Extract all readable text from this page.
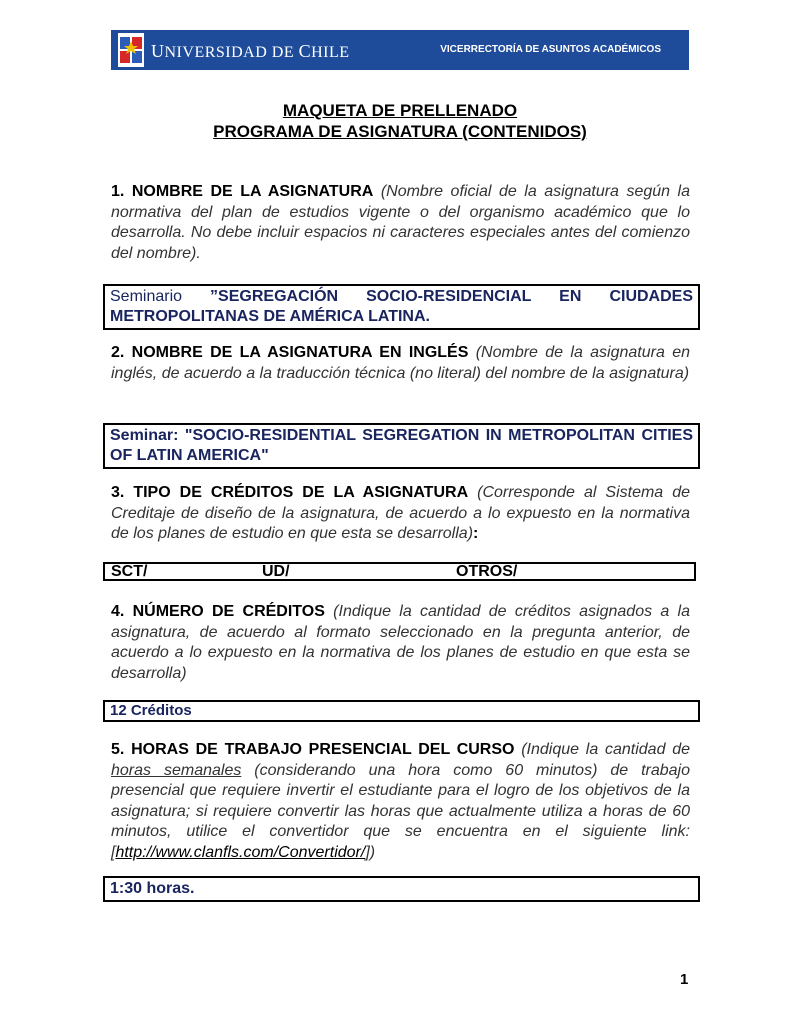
UNIVERSIDAD DE CHILE	VICERRECTORÍA DE ASUNTOS ACADÉMICOS
MAQUETA DE PRELLENADO
PROGRAMA DE ASIGNATURA (CONTENIDOS)
1. NOMBRE DE LA ASIGNATURA (Nombre oficial de la asignatura según la normativa del plan de estudios vigente o del organismo académico que lo desarrolla. No debe incluir espacios ni caracteres especiales antes del comienzo del nombre).
Seminario ”SEGREGACIÓN SOCIO-RESIDENCIAL EN CIUDADES METROPOLITANAS DE AMÉRICA LATINA.
2. NOMBRE DE LA ASIGNATURA EN INGLÉS (Nombre de la asignatura en inglés, de acuerdo a la traducción técnica (no literal) del nombre de la asignatura)
Seminar: "SOCIO-RESIDENTIAL SEGREGATION IN METROPOLITAN CITIES OF LATIN AMERICA"
3. TIPO DE CRÉDITOS DE LA ASIGNATURA (Corresponde al Sistema de Creditaje de diseño de la asignatura, de acuerdo a lo expuesto en la normativa de los planes de estudio en que esta se desarrolla):
SCT/	UD/	OTROS/
4. NÚMERO DE CRÉDITOS (Indique la cantidad de créditos asignados a la asignatura, de acuerdo al formato seleccionado en la pregunta anterior, de acuerdo a lo expuesto en la normativa de los planes de estudio en que esta se desarrolla)
12 Créditos
5. HORAS DE TRABAJO PRESENCIAL DEL CURSO (Indique la cantidad de horas semanales (considerando una hora como 60 minutos) de trabajo presencial que requiere invertir el estudiante para el logro de los objetivos de la asignatura; si requiere convertir las horas que actualmente utiliza a horas de 60 minutos, utilice el convertidor que se encuentra en el siguiente link: [http://www.clanfls.com/Convertidor/])
1:30 horas.
1
